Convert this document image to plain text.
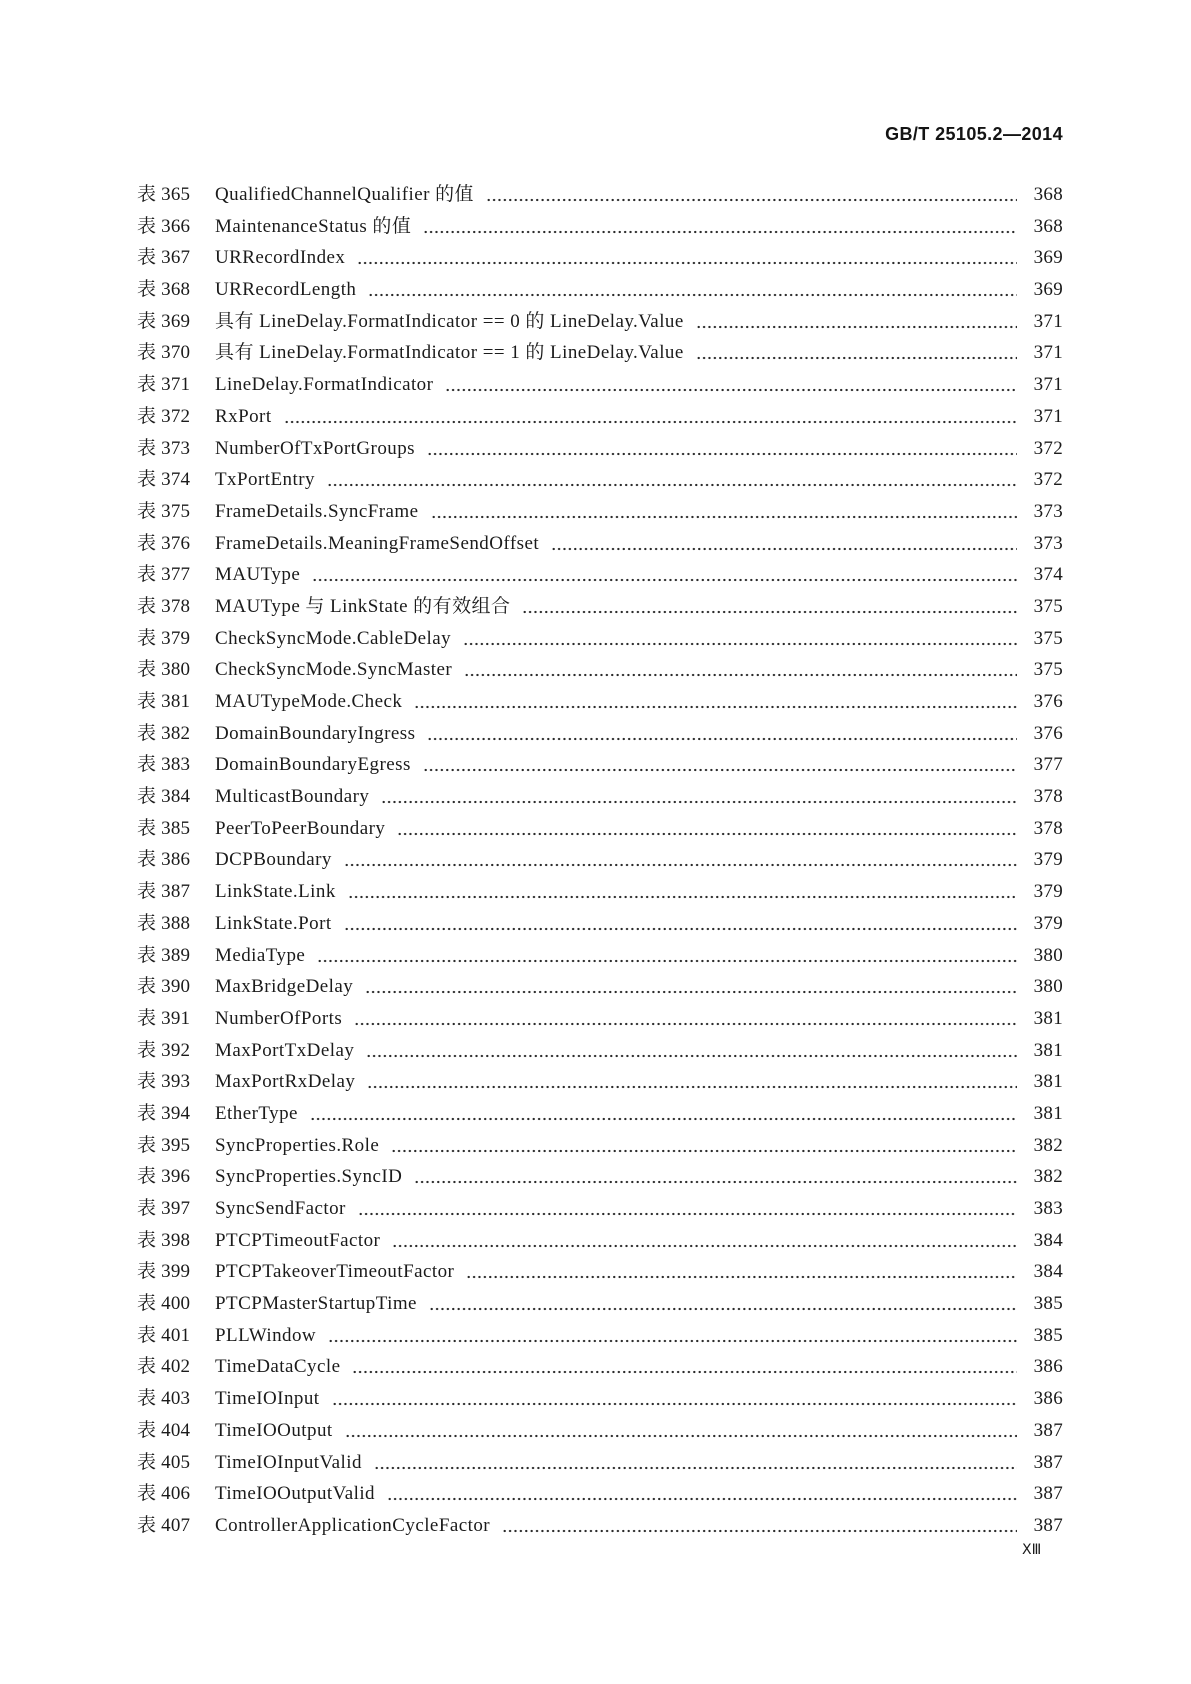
GB/T 25105.2—2014
表 365	QualifiedChannelQualifier 的值	368
表 366	MaintenanceStatus 的值	368
表 367	URRecordIndex	369
表 368	URRecordLength	369
表 369	具有 LineDelay.FormatIndicator == 0 的 LineDelay.Value	371
表 370	具有 LineDelay.FormatIndicator == 1 的 LineDelay.Value	371
表 371	LineDelay.FormatIndicator	371
表 372	RxPort	371
表 373	NumberOfTxPortGroups	372
表 374	TxPortEntry	372
表 375	FrameDetails.SyncFrame	373
表 376	FrameDetails.MeaningFrameSendOffset	373
表 377	MAUType	374
表 378	MAUType 与 LinkState 的有效组合	375
表 379	CheckSyncMode.CableDelay	375
表 380	CheckSyncMode.SyncMaster	375
表 381	MAUTypeMode.Check	376
表 382	DomainBoundaryIngress	376
表 383	DomainBoundaryEgress	377
表 384	MulticastBoundary	378
表 385	PeerToPeerBoundary	378
表 386	DCPBoundary	379
表 387	LinkState.Link	379
表 388	LinkState.Port	379
表 389	MediaType	380
表 390	MaxBridgeDelay	380
表 391	NumberOfPorts	381
表 392	MaxPortTxDelay	381
表 393	MaxPortRxDelay	381
表 394	EtherType	381
表 395	SyncProperties.Role	382
表 396	SyncProperties.SyncID	382
表 397	SyncSendFactor	383
表 398	PTCPTimeoutFactor	384
表 399	PTCPTakeoverTimeoutFactor	384
表 400	PTCPMasterStartupTime	385
表 401	PLLWindow	385
表 402	TimeDataCycle	386
表 403	TimeIOInput	386
表 404	TimeIOOutput	387
表 405	TimeIOInputValid	387
表 406	TimeIOOutputValid	387
表 407	ControllerApplicationCycleFactor	387
ⅩⅢ
